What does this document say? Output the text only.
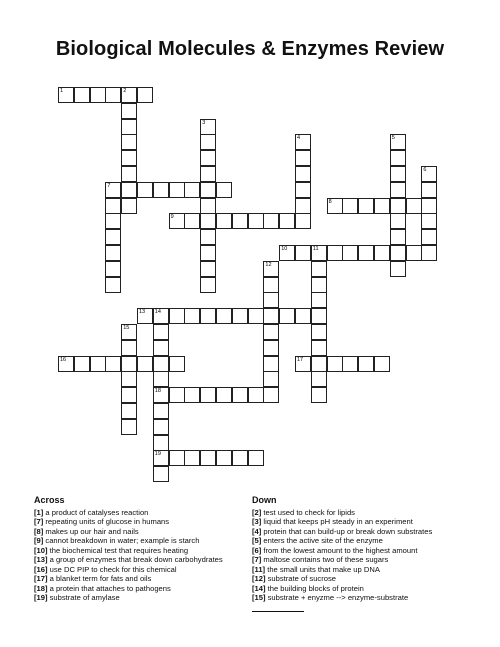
Biological Molecules & Enzymes Review
1	2
7
8
9
10	11
13 14
16	17
18
19
3
4	5
6
12
15
Across
[1] a product of catalyses reaction
[7] repeating units of glucose in humans
[8] makes up our hair and nails
[9] cannot breakdown in water; example is starch
[10] the biochemical test that requires heating
[13] a group of enzymes that break down carbohydrates
[16] use DC PIP to check for this chemical
[17] a blanket term for fats and oils
[18] a protein that attaches to pathogens
[19] substrate of amylase
Down
[2] test used to check for lipids
[3] liquid that keeps pH steady in an experiment
[4] protein that can build-up or break down substrates
[5] enters the active site of the enzyme
[6] from the lowest amount to the highest amount
[7] maltose contains two of these sugars
[11] the small units that make up DNA
[12] substrate of sucrose
[14] the building blocks of protein
[15] substrate + enyzme --> enzyme-substrate
